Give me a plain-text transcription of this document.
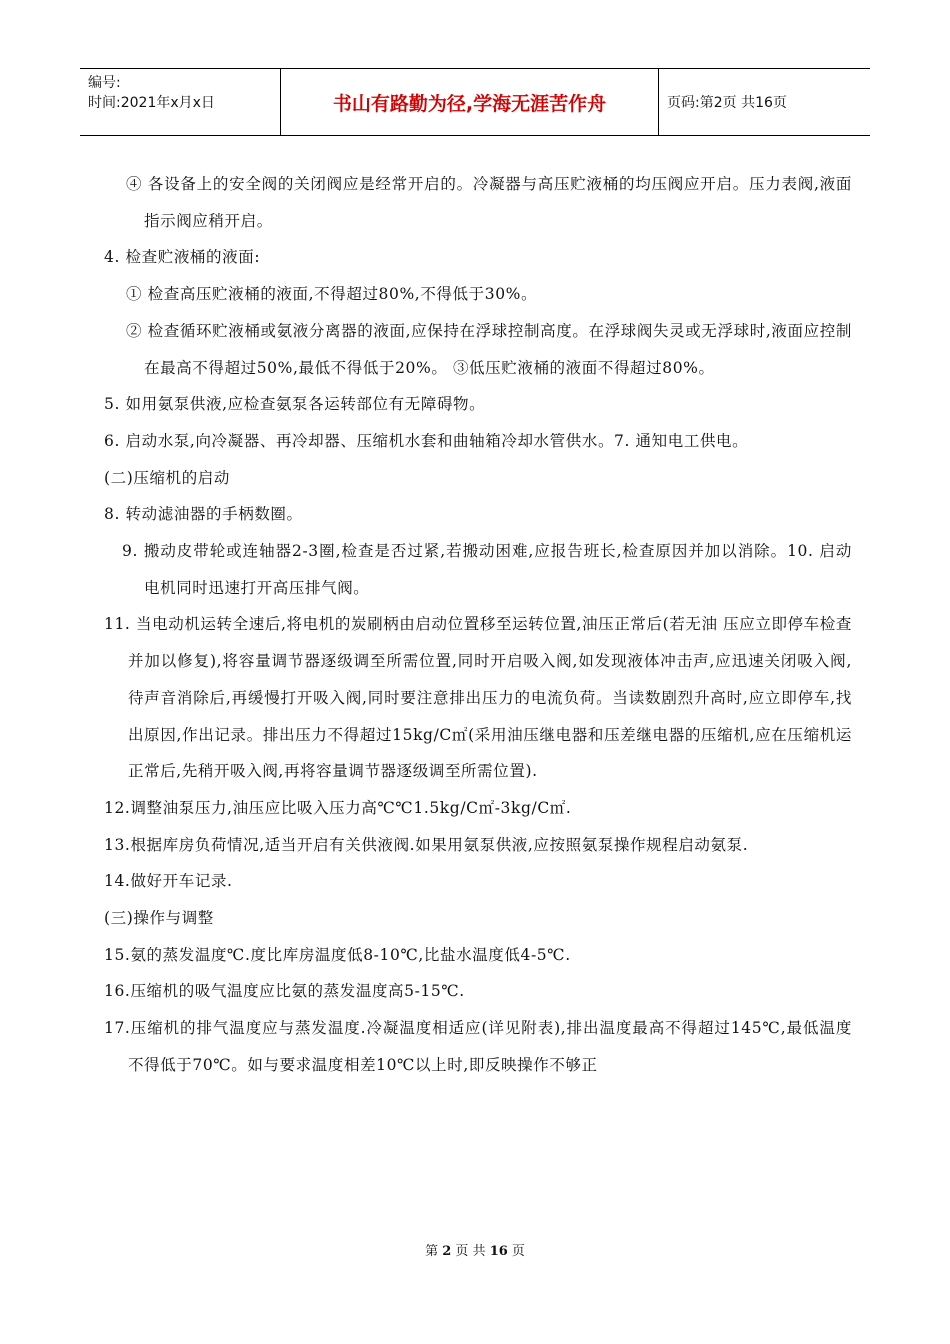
编号:
时间:2021年x月x日	书山有路勤为径,学海无涯苦作舟	页码:第2页 共16页

④ 各设备上的安全阀的关闭阀应是经常开启的。冷凝器与高压贮液桶的均压阀应开启。压力表阀,液面指示阀应稍开启。

4. 检查贮液桶的液面:

① 检查高压贮液桶的液面,不得超过80%,不得低于30%。

② 检查循环贮液桶或氨液分离器的液面,应保持在浮球控制高度。在浮球阀失灵或无浮球时,液面应控制在最高不得超过50%,最低不得低于20%。 ③低压贮液桶的液面不得超过80%。

5. 如用氨泵供液,应检查氨泵各运转部位有无障碍物。

6. 启动水泵,向冷凝器、再冷却器、压缩机水套和曲轴箱冷却水管供水。7. 通知电工供电。

(二)压缩机的启动

8. 转动滤油器的手柄数圈。

9. 搬动皮带轮或连轴器2-3圈,检查是否过紧,若搬动困难,应报告班长,检查原因并加以消除。10. 启动电机同时迅速打开高压排气阀。

11. 当电动机运转全速后,将电机的炭刷柄由启动位置移至运转位置,油压正常后(若无油 压应立即停车检查并加以修复),将容量调节器逐级调至所需位置,同时开启吸入阀,如发现液体冲击声,应迅速关闭吸入阀,待声音消除后,再缓慢打开吸入阀,同时要注意排出压力的电流负荷。当读数剧烈升高时,应立即停车,找出原因,作出记录。排出压力不得超过15kg/C㎡(采用油压继电器和压差继电器的压缩机,应在压缩机运正常后,先稍开吸入阀,再将容量调节器逐级调至所需位置).

12.调整油泵压力,油压应比吸入压力高℃℃1.5kg/C㎡-3kg/C㎡.

13.根据库房负荷情况,适当开启有关供液阀.如果用氨泵供液,应按照氨泵操作规程启动氨泵.

14.做好开车记录.

(三)操作与调整

15.氨的蒸发温度℃.度比库房温度低8-10℃,比盐水温度低4-5℃.

16.压缩机的吸气温度应比氨的蒸发温度高5-15℃.

17.压缩机的排气温度应与蒸发温度.冷凝温度相适应(详见附表),排出温度最高不得超过145℃,最低温度不得低于70℃。如与要求温度相差10℃以上时,即反映操作不够正

第 2 页 共 16 页
